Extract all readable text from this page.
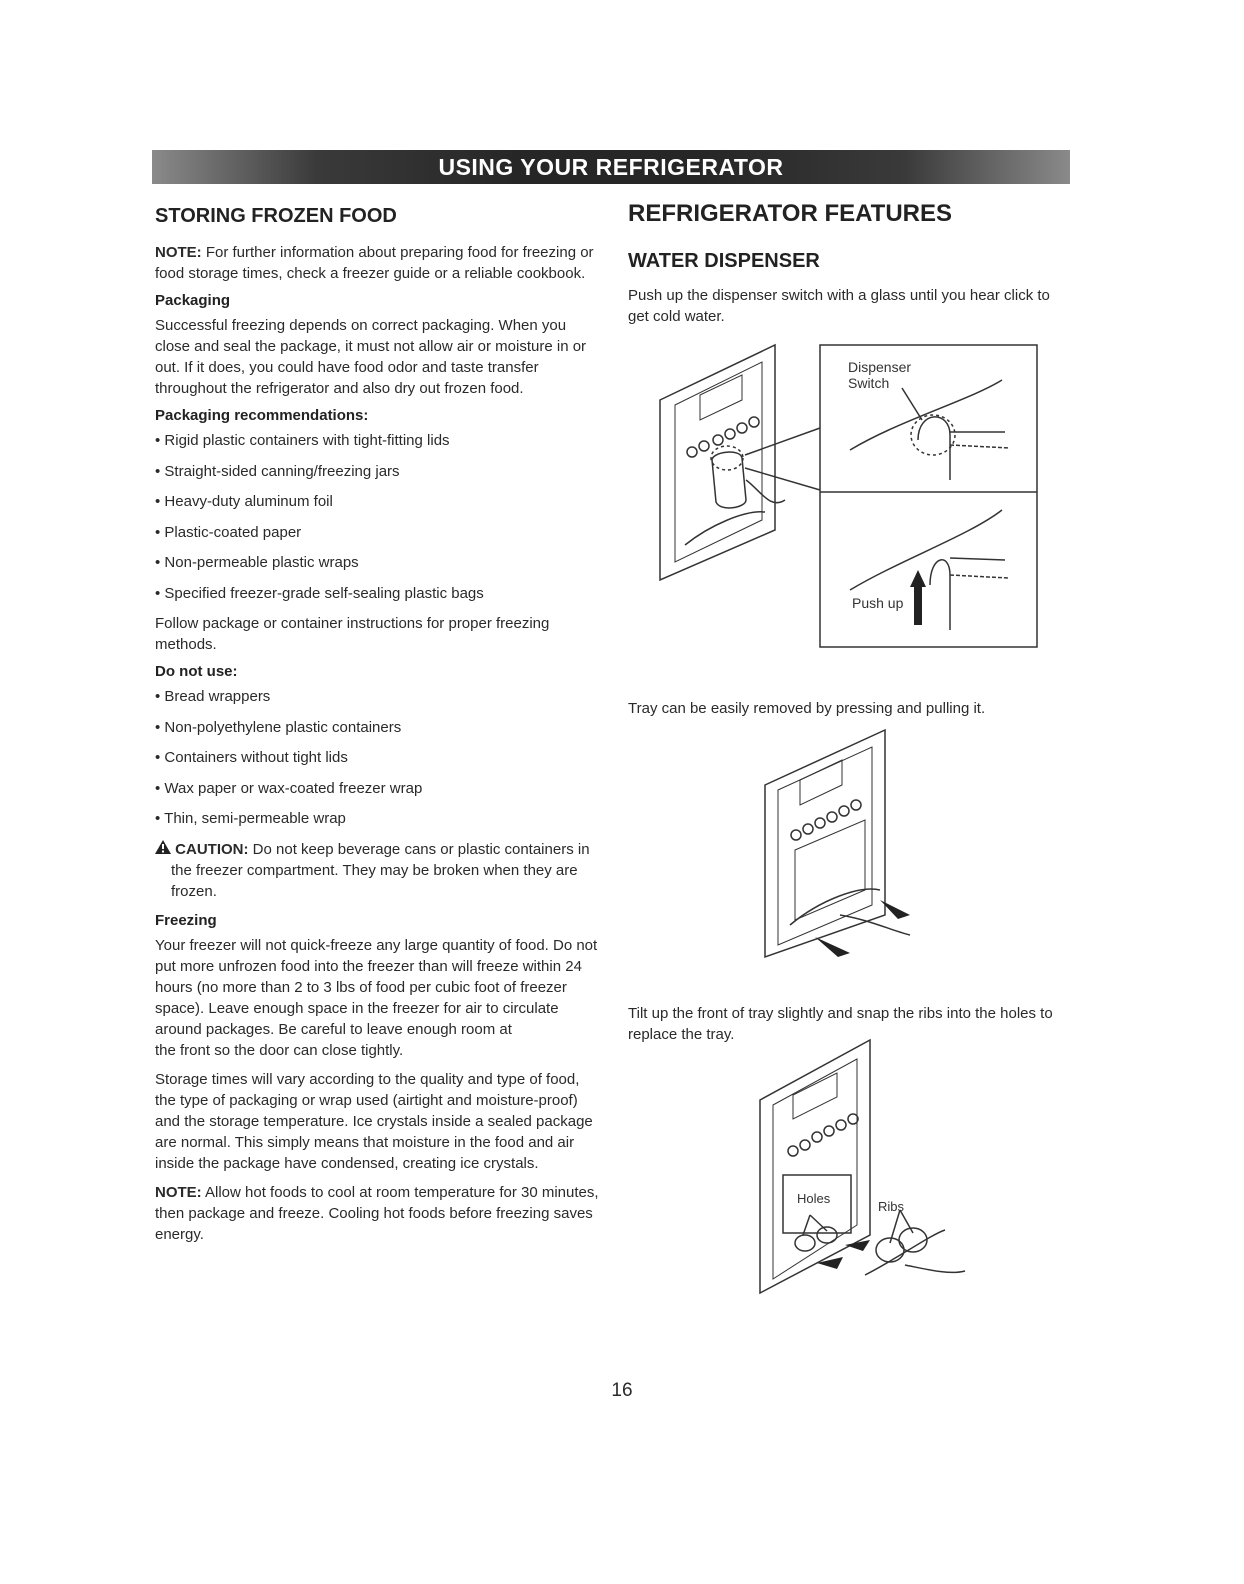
USING YOUR REFRIGERATOR
STORING FROZEN FOOD

NOTE: For further information about preparing food for freezing or food storage times, check a freezer guide or a reliable cookbook.

Packaging

Successful freezing depends on correct packaging. When you close and seal the package, it must not allow air or moisture in or out. If it does, you could have food odor and taste transfer throughout the refrigerator and also dry out frozen food.

Packaging recommendations:
• Rigid plastic containers with tight-fitting lids
• Straight-sided canning/freezing jars
• Heavy-duty aluminum foil
• Plastic-coated paper
• Non-permeable plastic wraps
• Specified freezer-grade self-sealing plastic bags

Follow package or container instructions for proper freezing methods.

Do not use:
• Bread wrappers
• Non-polyethylene plastic containers
• Containers without tight lids
• Wax paper or wax-coated freezer wrap
• Thin, semi-permeable wrap
CAUTION: Do not keep beverage cans or plastic containers in the freezer compartment. They may be broken when they are frozen.
Freezing

Your freezer will not quick-freeze any large quantity of food. Do not put more unfrozen food into the freezer than will freeze within 24 hours (no more than 2 to 3 lbs of food per cubic foot of freezer space). Leave enough space in the freezer for air to circulate around packages. Be careful to leave enough room at
the front so the door can close tightly.

Storage times will vary according to the quality and type of food, the type of packaging or wrap used (airtight and moisture-proof) and the storage temperature. Ice crystals inside a sealed package are normal. This simply means that moisture in the food and air inside the package have condensed, creating ice crystals.

NOTE: Allow hot foods to cool at room temperature for 30 minutes, then package and freeze. Cooling hot foods before freezing saves energy.

REFRIGERATOR FEATURES
WATER DISPENSER

Push up the dispenser switch with a glass until you hear click to get cold water.

Dispenser
Switch
Push up

Tray can be easily removed by pressing and pulling it.

Tilt up the front of tray slightly and snap the ribs into the holes to replace the tray.

Holes
Ribs
16
